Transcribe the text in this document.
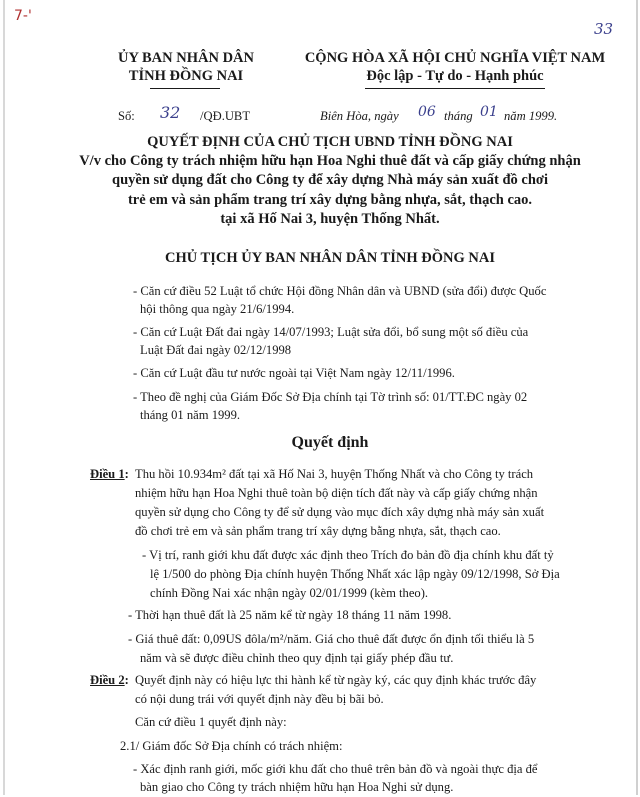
7-'
33
ỦY BAN NHÂN DÂN
TỈNH ĐỒNG NAI
CỘNG HÒA XÃ HỘI CHỦ NGHĨA VIỆT NAM
Độc lập - Tự do - Hạnh phúc
Số: 32 /QĐ.UBT	Biên Hòa, ngày 06 tháng 01 năm 1999.
QUYẾT ĐỊNH CỦA CHỦ TỊCH UBND TỈNH ĐỒNG NAI
V/v cho Công ty trách nhiệm hữu hạn Hoa Nghi thuê đất và cấp giấy chứng nhận
quyền sử dụng đất cho Công ty để xây dựng Nhà máy sản xuất đồ chơi
trẻ em và sản phẩm trang trí xây dựng bằng nhựa, sắt, thạch cao.
tại xã Hố Nai 3, huyện Thống Nhất.
CHỦ TỊCH ỦY BAN NHÂN DÂN TỈNH ĐỒNG NAI
- Căn cứ điều 52 Luật tổ chức Hội đồng Nhân dân và UBND (sửa đổi) được Quốc
hội thông qua ngày 21/6/1994.
- Căn cứ Luật Đất đai ngày 14/07/1993; Luật sửa đổi, bổ sung một số điều của
Luật Đất đai ngày 02/12/1998
- Căn cứ Luật đầu tư nước ngoài tại Việt Nam ngày 12/11/1996.
- Theo đề nghị của Giám Đốc Sở Địa chính tại Tờ trình số: 01/TT.ĐC ngày 02
tháng 01 năm 1999.
Quyết định
Điều 1: Thu hồi 10.934m² đất tại xã Hố Nai 3, huyện Thống Nhất và cho Công ty trách
nhiệm hữu hạn Hoa Nghi thuê toàn bộ diện tích đất này và cấp giấy chứng nhận
quyền sử dụng cho Công ty để sử dụng vào mục đích xây dựng nhà máy sản xuất
đồ chơi trẻ em và sản phẩm trang trí xây dựng bằng nhựa, sắt, thạch cao.
- Vị trí, ranh giới khu đất được xác định theo Trích đo bản đồ địa chính khu đất tỷ
lệ 1/500 do phòng Địa chính huyện Thống Nhất xác lập ngày 09/12/1998, Sở Địa
chính Đồng Nai xác nhận ngày 02/01/1999 (kèm theo).
- Thời hạn thuê đất là 25 năm kể từ ngày 18 tháng 11 năm 1998.
- Giá thuê đất: 0,09US đôla/m²/năm. Giá cho thuê đất được ổn định tối thiểu là 5
năm và sẽ được điều chỉnh theo quy định tại giấy phép đầu tư.
Điều 2: Quyết định này có hiệu lực thi hành kể từ ngày ký, các quy định khác trước đây
có nội dung trái với quyết định này đều bị bãi bỏ.
Căn cứ điều 1 quyết định này:
2.1/ Giám đốc Sở Địa chính có trách nhiệm:
- Xác định ranh giới, mốc giới khu đất cho thuê trên bản đồ và ngoài thực địa để
bàn giao cho Công ty trách nhiệm hữu hạn Hoa Nghi sử dụng.
